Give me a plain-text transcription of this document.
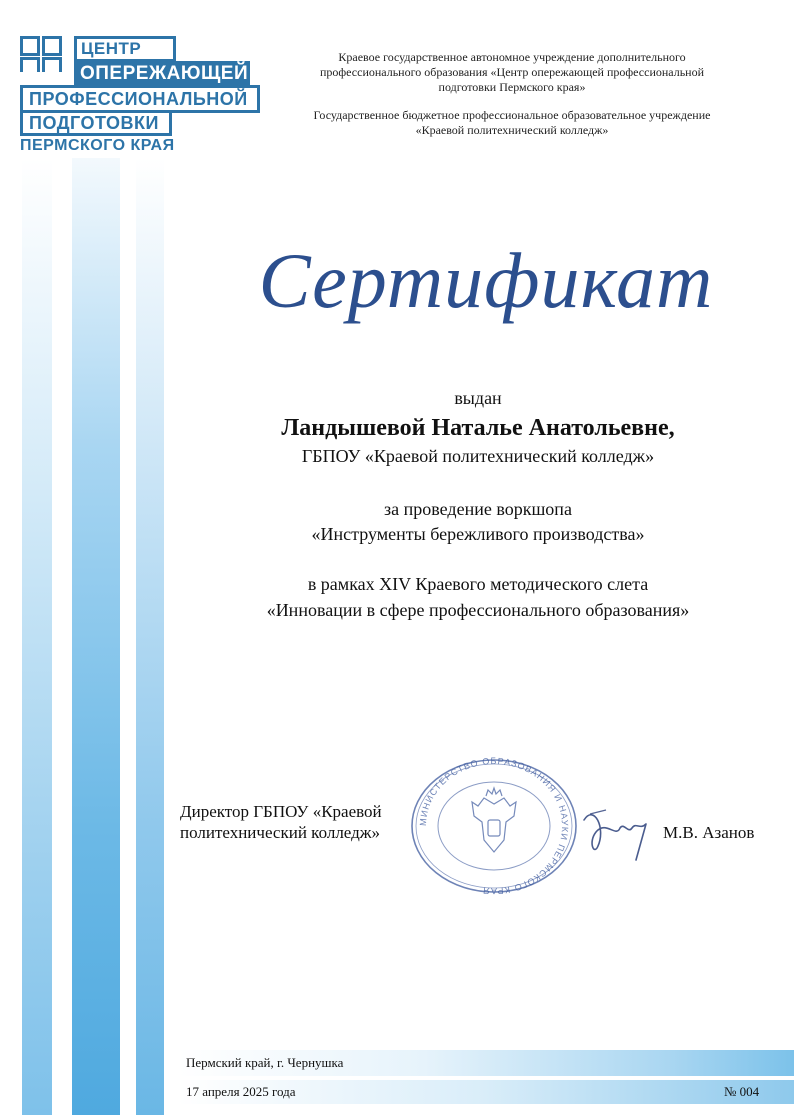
ЦЕНТР
ОПЕРЕЖАЮЩЕЙ
ПРОФЕССИОНАЛЬНОЙ
ПОДГОТОВКИ
ПЕРМСКОГО КРАЯ
Краевое государственное автономное учреждение дополнительного
профессионального образования «Центр опережающей профессиональной
подготовки Пермского края»
Государственное бюджетное профессиональное образовательное учреждение
«Краевой политехнический колледж»
Сертификат
выдан
Ландышевой Наталье Анатольевне,
ГБПОУ «Краевой политехнический колледж»
за проведение воркшопа
«Инструменты бережливого производства»
в рамках XIV Краевого методического слета
«Инновации в сфере профессионального образования»
Директор ГБПОУ «Краевой
политехнический колледж»
МИНИСТЕРСТВО ОБРАЗОВАНИЯ И НАУКИ ПЕРМСКОГО КРАЯ
М.В. Азанов
Пермский край, г. Чернушка
17 апреля 2025 года	№ 004
